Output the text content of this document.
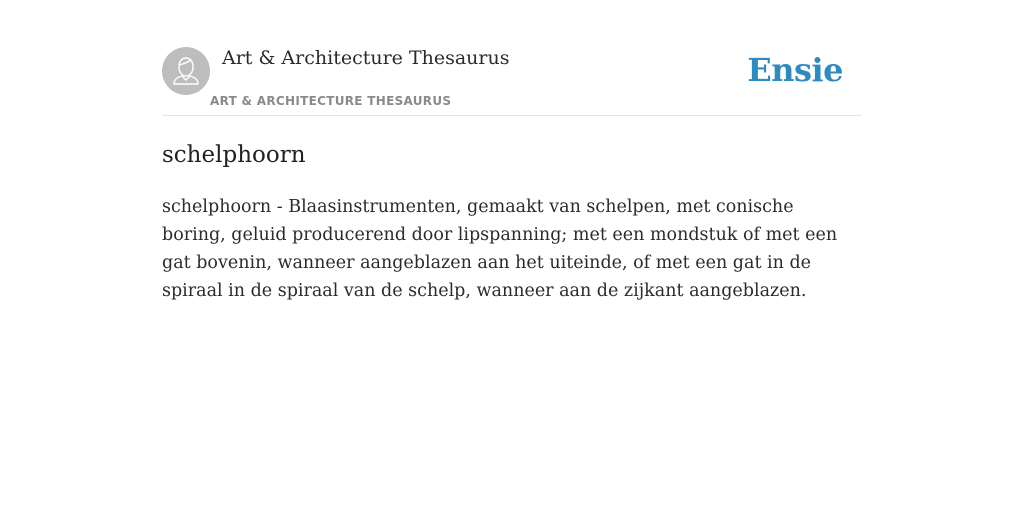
Art & Architecture Thesaurus
ART & ARCHITECTURE THESAURUS
Ensie
schelphoorn

schelphoorn - Blaasinstrumenten, gemaakt van schelpen, met conische boring, geluid producerend door lipspanning; met een mondstuk of met een gat bovenin, wanneer aangeblazen aan het uiteinde, of met een gat in de spiraal in de spiraal van de schelp, wanneer aan de zijkant aangeblazen.
